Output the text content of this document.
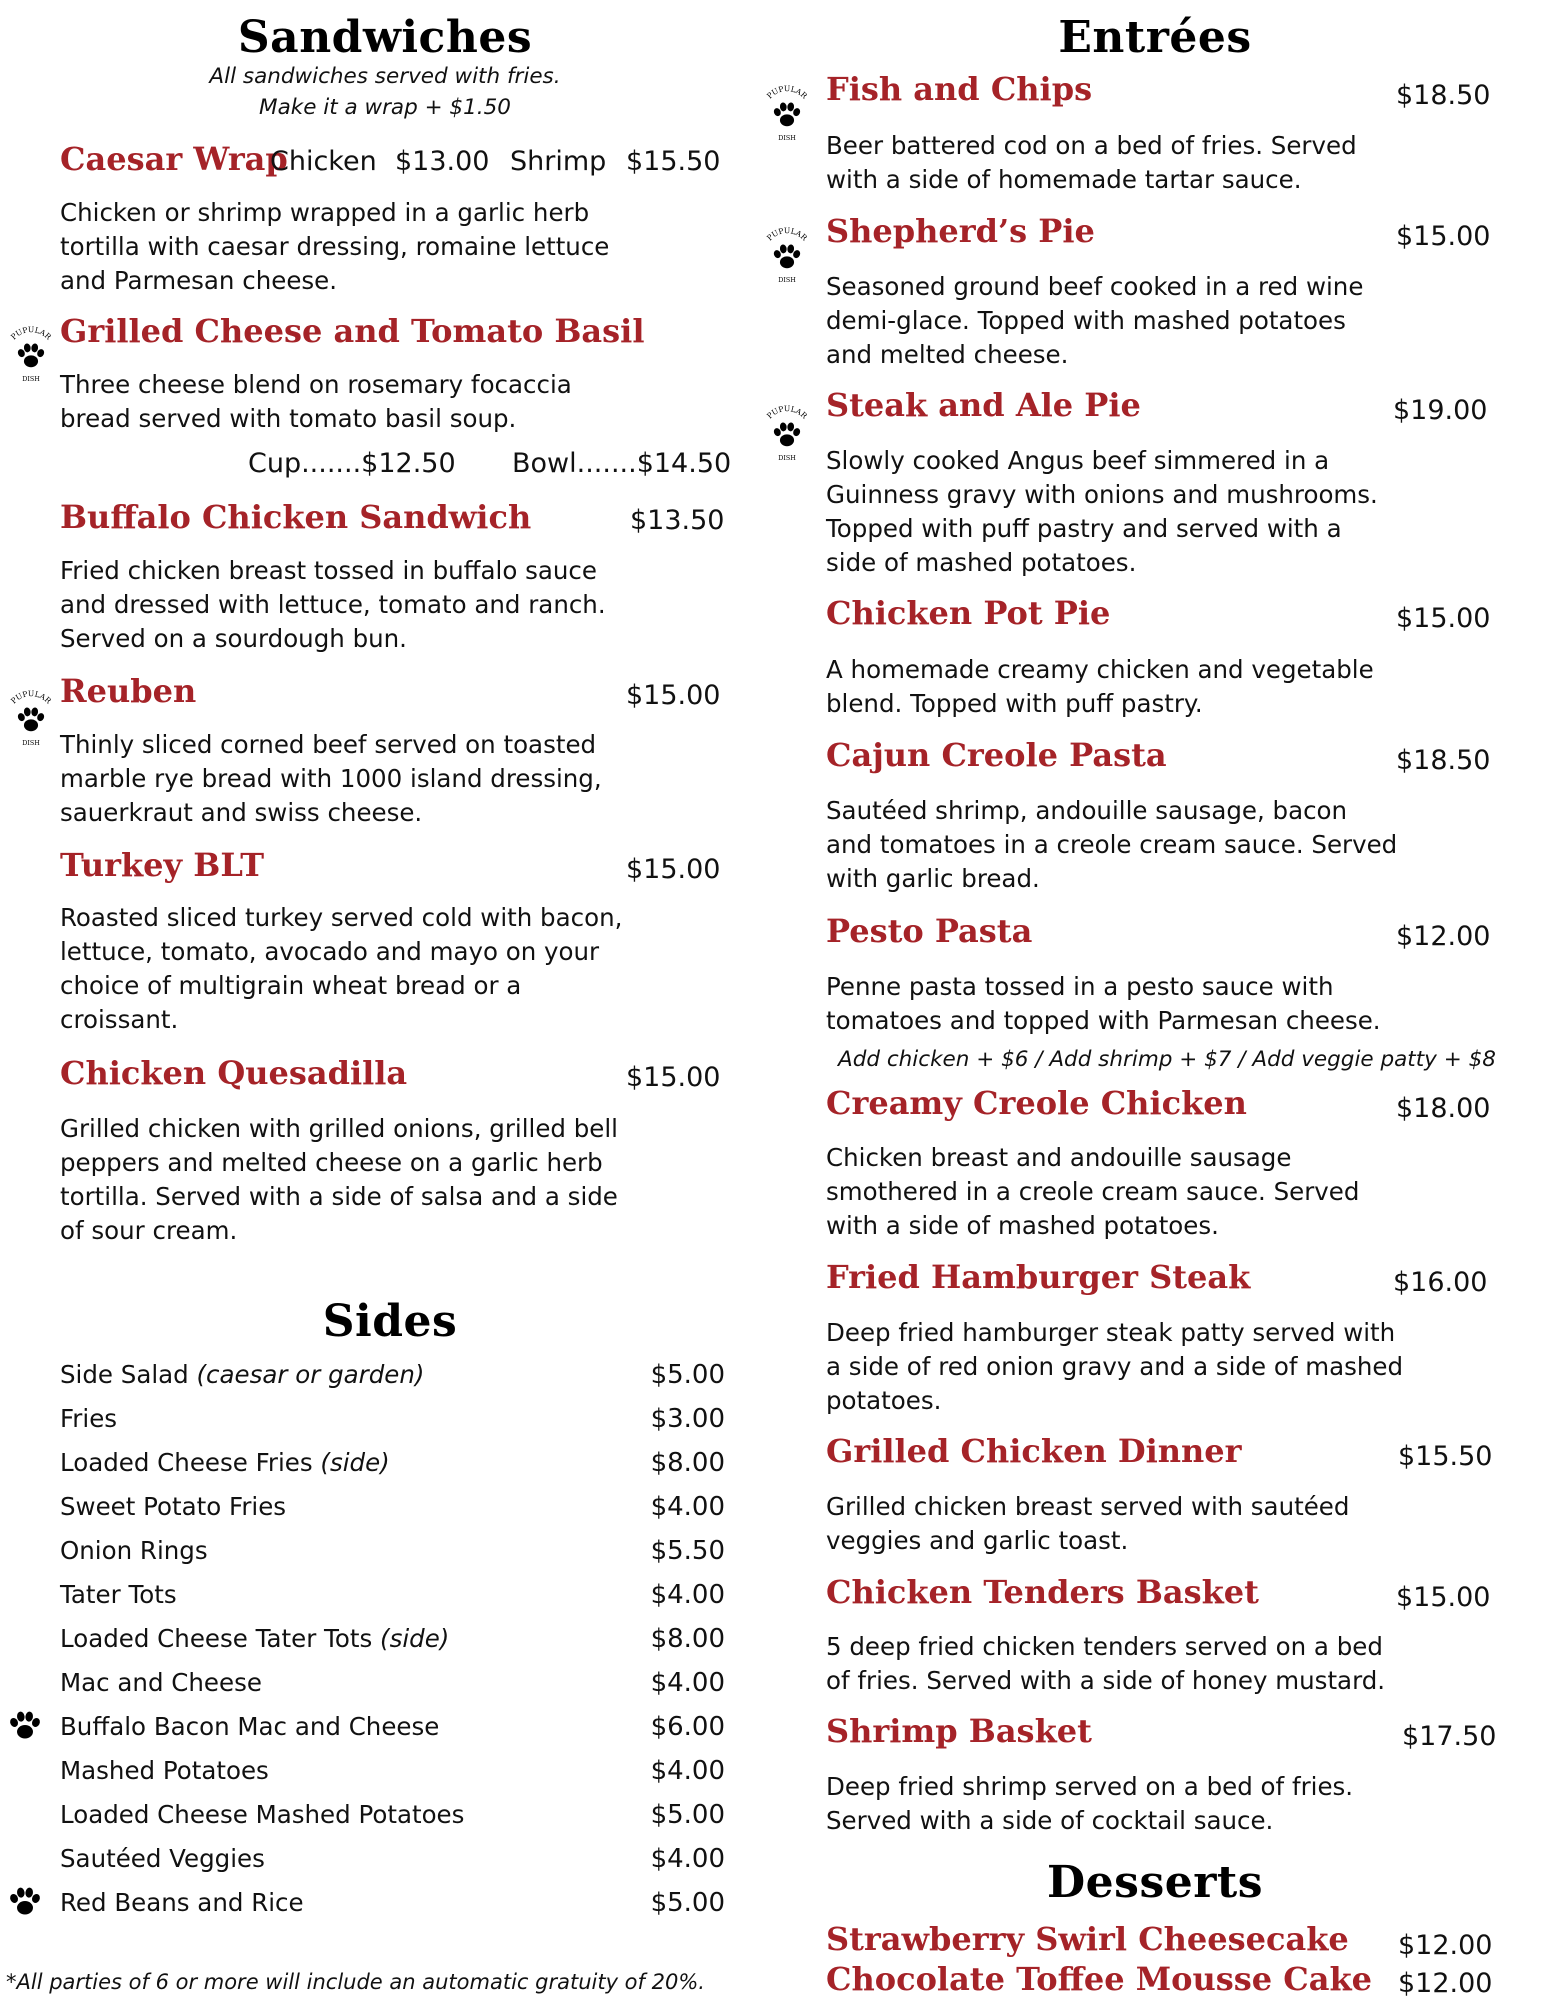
Sandwiches
All sandwiches served with fries.
Make it a wrap + $1.50
Caesar Wrap
Chicken $13.00 Shrimp $15.50
Chicken or shrimp wrapped in a garlic herb
tortilla with caesar dressing, romaine lettuce
and Parmesan cheese.
PUPULAR
DISH
Grilled Cheese and Tomato Basil
Three cheese blend on rosemary focaccia
bread served with tomato basil soup.
Cup.......$12.50 Bowl.......$14.50
Buffalo Chicken Sandwich	$13.50
Fried chicken breast tossed in buffalo sauce
and dressed with lettuce, tomato and ranch.
Served on a sourdough bun.
PUPULAR
DISH
Reuben	$15.00
Thinly sliced corned beef served on toasted
marble rye bread with 1000 island dressing,
sauerkraut and swiss cheese.
Turkey BLT	$15.00
Roasted sliced turkey served cold with bacon,
lettuce, tomato, avocado and mayo on your
choice of multigrain wheat bread or a
croissant.
Chicken Quesadilla	$15.00
Grilled chicken with grilled onions, grilled bell
peppers and melted cheese on a garlic herb
tortilla. Served with a side of salsa and a side
of sour cream.
Sides
Side Salad (caesar or garden)	$5.00
Fries	$3.00
Loaded Cheese Fries (side)	$8.00
Sweet Potato Fries	$4.00
Onion Rings	$5.50
Tater Tots	$4.00
Loaded Cheese Tater Tots (side)	$8.00
Mac and Cheese	$4.00
Buffalo Bacon Mac and Cheese	$6.00
Mashed Potatoes	$4.00
Loaded Cheese Mashed Potatoes	$5.00
Sautéed Veggies	$4.00
Red Beans and Rice	$5.00
*All parties of 6 or more will include an automatic gratuity of 20%.
Entrées
PUPULAR
DISH
Fish and Chips	$18.50
Beer battered cod on a bed of fries. Served
with a side of homemade tartar sauce.
PUPULAR
DISH
Shepherd’s Pie	$15.00
Seasoned ground beef cooked in a red wine
demi-glace. Topped with mashed potatoes
and melted cheese.
PUPULAR
DISH
Steak and Ale Pie	$19.00
Slowly cooked Angus beef simmered in a
Guinness gravy with onions and mushrooms.
Topped with puff pastry and served with a
side of mashed potatoes.
Chicken Pot Pie	$15.00
A homemade creamy chicken and vegetable
blend. Topped with puff pastry.
Cajun Creole Pasta	$18.50
Sautéed shrimp, andouille sausage, bacon
and tomatoes in a creole cream sauce. Served
with garlic bread.
Pesto Pasta	$12.00
Penne pasta tossed in a pesto sauce with
tomatoes and topped with Parmesan cheese.
Add chicken + $6 / Add shrimp + $7 / Add veggie patty + $8
Creamy Creole Chicken	$18.00
Chicken breast and andouille sausage
smothered in a creole cream sauce. Served
with a side of mashed potatoes.
Fried Hamburger Steak	$16.00
Deep fried hamburger steak patty served with
a side of red onion gravy and a side of mashed
potatoes.
Grilled Chicken Dinner	$15.50
Grilled chicken breast served with sautéed
veggies and garlic toast.
Chicken Tenders Basket	$15.00
5 deep fried chicken tenders served on a bed
of fries. Served with a side of honey mustard.
Shrimp Basket	$17.50
Deep fried shrimp served on a bed of fries.
Served with a side of cocktail sauce.
Desserts
Strawberry Swirl Cheesecake $12.00
Chocolate Toffee Mousse Cake $12.00
